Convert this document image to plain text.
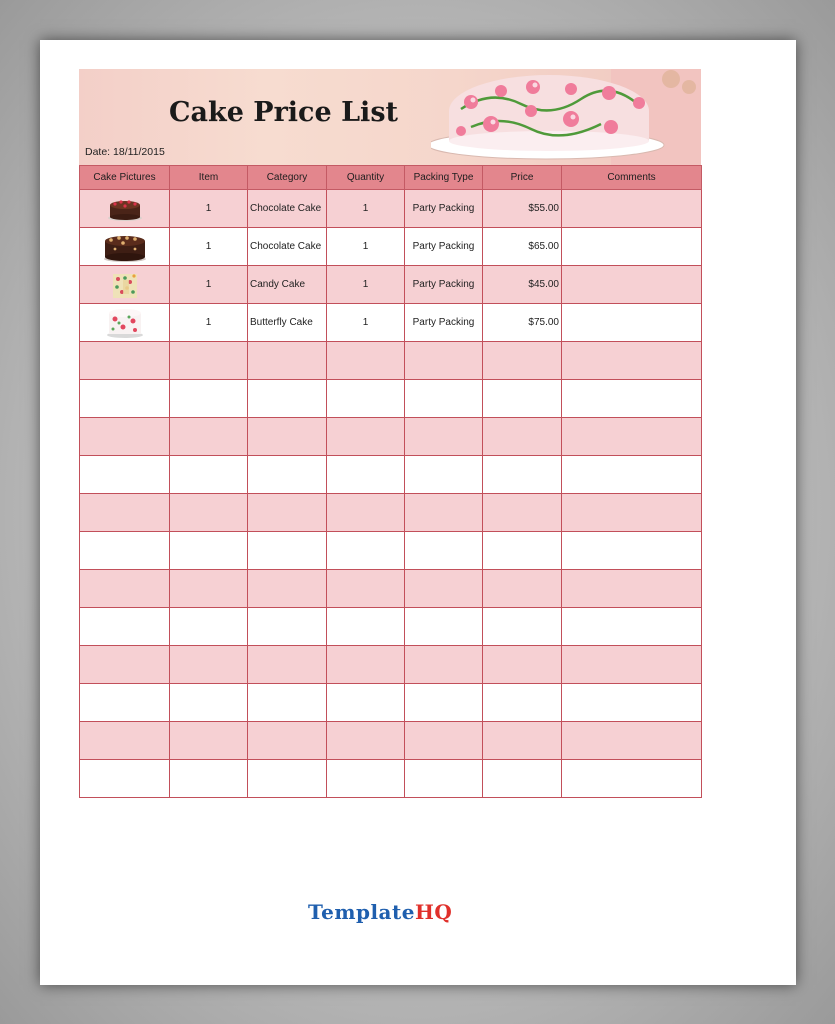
Cake Price List
Date: 18/11/2015
Cake Pictures	Item	Category	Quantity	Packing Type	Price	Comments

	1	Chocolate Cake	1	Party Packing	$55.00	

	1	Chocolate Cake	1	Party Packing	$65.00	

	1	Candy Cake	1	Party Packing	$45.00	

	1	Butterfly Cake	1	Party Packing	$75.00	

TemplateHQ
